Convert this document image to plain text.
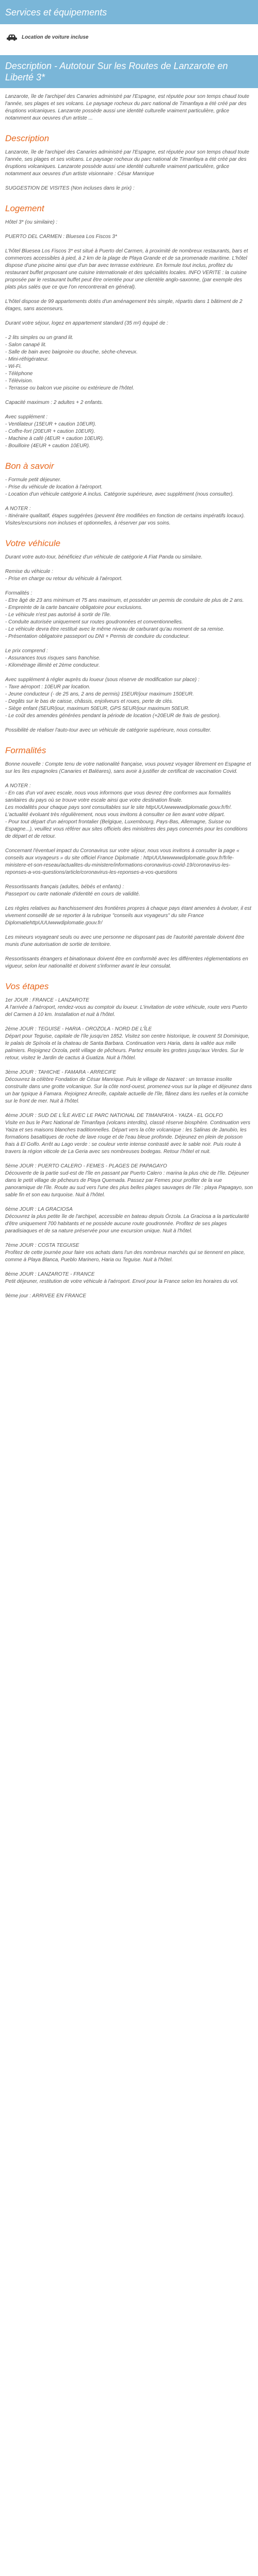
Services et équipements
Location de voiture incluse
Description - Autotour Sur les Routes de Lanzarote en Liberté 3*

Lanzarote, île de l'archipel des Canaries administré par l'Espagne, est réputée pour son temps chaud toute l'année, ses plages et ses volcans. Le paysage rocheux du parc national de Timanfaya a été créé par des éruptions volcaniques. Lanzarote possède aussi une identité culturelle vraiment particulière, grâce notamment aux oeuvres d'un artiste ...

Description

Lanzarote, île de l'archipel des Canaries administré par l'Espagne, est réputée pour son temps chaud toute l'année, ses plages et ses volcans. Le paysage rocheux du parc national de Timanfaya a été créé par des éruptions volcaniques. Lanzarote possède aussi une identité culturelle vraiment particulière, grâce notamment aux oeuvres d'un artiste visionnaire : César Manrique

SUGGESTION DE VISITES (Non incluses dans le prix) :

Logement

Hôtel 3* (ou similaire) :

PUERTO DEL CARMEN : Bluesea Los Fiscos 3*

L'hôtel Bluesea Los Fiscos 3* est situé à Puerto del Carmen, à proximité de nombreux restaurants, bars et commerces accessibles à pied, à 2 km de la plage de Playa Grande et de sa promenade maritime. L'hôtel dispose d'une piscine ainsi que d'un bar avec terrasse extérieure. En formule tout inclus, profitez du restaurant buffet proposant une cuisine internationale et des spécialités locales. INFO VERITE : la cuisine proposée par le restaurant buffet peut être orientée pour une clientèle anglo-saxonne, (par exemple des plats plus salés que ce que l'on rencontrerait en général).

L'hôtel dispose de 99 appartements dotés d'un aménagement très simple, répartis dans 1 bâtiment de 2 étages, sans ascenseurs.

Durant votre séjour, logez en appartement standard (35 m²) équipé de :

- 2 lits simples ou un grand lit.
- Salon canapé lit.
- Salle de bain avec baignoire ou douche, sèche-cheveux.
- Mini-réfrigérateur.
- Wi-Fi.
- Téléphone
- Télévision.
- Terrasse ou balcon vue piscine ou extérieure de l'hôtel.

Capacité maximum : 2 adultes + 2 enfants.

Avec supplément :
- Ventilateur (15EUR + caution 10EUR).
- Coffre-fort (20EUR + caution 10EUR).
- Machine à café (4EUR + caution 10EUR).
- Bouilloire (4EUR + caution 10EUR).

Bon à savoir

- Formule petit déjeuner.
- Prise du véhicule de location à l'aéroport.
- Location d'un véhicule catégorie A inclus. Catégorie supérieure, avec supplément (nous consulter).

A NOTER :
- Itinéraire qualitatif, étapes suggérées (peuvent être modifiées en fonction de certains impératifs locaux). Visites/excursions non incluses et optionnelles, à réserver par vos soins.

Votre véhicule

Durant votre auto-tour, bénéficiez d'un véhicule de catégorie A Fiat Panda ou similaire.

Remise du véhicule :
- Prise en charge ou retour du véhicule à l'aéroport.

Formalités :
- Etre âgé de 23 ans minimum et 75 ans maximum, et posséder un permis de conduire de plus de 2 ans.
- Empreinte de la carte bancaire obligatoire pour exclusions.
- Le véhicule n'est pas autorisé à sortir de l'île.
- Conduite autorisée uniquement sur routes goudronnées et conventionnelles.
- Le véhicule devra être restitué avec le même niveau de carburant qu'au moment de sa remise.
- Présentation obligatoire passeport ou DNI + Permis de conduire du conducteur.

Le prix comprend :
- Assurances tous risques sans franchise.
- Kilométrage illimité et 2ème conducteur.

Avec supplément à régler auprès du loueur (sous réserve de modification sur place) :
- Taxe aéroport : 10EUR par location.
- Jeune conducteur (- de 25 ans, 2 ans de permis) 15EUR/jour maximum 150EUR.
- Degâts sur le bas de caisse, châssis, enjoliveurs et roues, perte de clés.
- Siège enfant (5EUR/jour, maximum 50EUR, GPS 5EUR/jour maximum 50EUR.
- Le coût des amendes générées pendant la période de location (+20EUR de frais de gestion).

Possibilité de réaliser l'auto-tour avec un véhicule de catégorie supérieure, nous consulter.

Formalités

Bonne nouvelle : Compte tenu de votre nationalité française, vous pouvez voyager librement en Espagne et sur les îles espagnoles (Canaries et Baléares), sans avoir à justifier de certificat de vaccination Covid.

A NOTER :
- En cas d'un vol avec escale, nous vous informons que vous devrez être conformes aux formalités sanitaires du pays où se trouve votre escale ainsi que votre destination finale.
Les modalités pour chaque pays sont consultables sur le site httpUUUwwwwwdiplomatie.gouv.fr/fr/. L'actualité évoluant très régulièrement, nous vous invitons à consulter ce lien avant votre départ.
- Pour tout départ d'un aéroport frontalier (Belgique, Luxembourg, Pays-Bas, Allemagne, Suisse ou Espagne...), veuillez vous référer aux sites officiels des ministères des pays concernés pour les conditions de départ et de retour.

Concernant l'éventuel impact du Coronavirus sur votre séjour, nous vous invitons à consulter la page « conseils aux voyageurs » du site officiel France Diplomatie : httpUUUwwwwwdiplomatie.gouv.fr/fr/le-ministere-et-son-reseau/actualites-du-ministere/informations-coronavirus-covid-19/coronavirus-les-reponses-a-vos-questions/article/coronavirus-les-reponses-a-vos-questions

Ressortissants français (adultes, bébés et enfants) :
Passeport ou carte nationale d'identité en cours de validité.

Les règles relatives au franchissement des frontières propres à chaque pays étant amenées à évoluer, il est vivement conseillé de se reporter à la rubrique "conseils aux voyageurs" du site France DiplomatiehttpUUUwwwdiplomatie.gouv.fr/

Les mineurs voyageant seuls ou avec une personne ne disposant pas de l'autorité parentale doivent être munis d'une autorisation de sortie de territoire.

Ressortissants étrangers et binationaux doivent être en conformité avec les différentes réglementations en vigueur, selon leur nationalité et doivent s'informer avant le leur consulat.

Vos étapes

1er JOUR : FRANCE - LANZAROTE
A l'arrivée à l'aéroport, rendez-vous au comptoir du loueur. L'invitation de votre véhicule, route vers Puerto del Carmen à 10 km. Installation et nuit à l'hôtel.

2ème JOUR : TEGUISE - HARIA - OROZOLA - NORD DE L'ÎLE
Départ pour Teguise, capitale de l'île jusqu'en 1852. Visitez son centre historique, le couvent St Dominique, le palais de Spínola et la chateau de Santa Barbara. Continuation vers Haria, dans la vallée aux mille palmiers. Rejoignez Orzola, petit village de pêcheurs. Partez ensuite les grottes jusqu'aux Verdes. Sur le retour, visitez le Jardin de cactus à Guatiza. Nuit à l'hôtel.

3ème JOUR : TAHICHE - FAMARA - ARRECIFE
Découvrez la célèbre Fondation de César Manrique. Puis le village de Nazaret : un terrasse insolite construite dans une grotte volcanique. Sur la côte nord-ouest, promenez-vous sur la plage et déjeunez dans un bar typique à Famara. Rejoignez Arrecife, capitale actuelle de l'île, flânez dans les ruelles et la corniche sur le front de mer. Nuit à l'hôtel.

4ème JOUR : SUD DE L'ÎLE AVEC LE PARC NATIONAL DE TIMANFAYA - YAIZA - EL GOLFO
Visite en bus le Parc National de Timanfaya (volcans interdits), classé réserve biosphère. Continuation vers Yaiza et ses maisons blanches traditionnelles. Départ vers la côte volcanique : les Salinas de Janubio, les formations basaltiques de roche de lave rouge et de l'eau bleue profonde. Déjeunez en plein de poisson frais à El Golfo. Arrêt au Lago verde : se couleur verte intense contrasté avec le sable noir. Puis route à travers la région viticole de La Geria avec ses nombreuses bodegas. Retour l'hôtel et nuit.

5ème JOUR : PUERTO CALERO - FEMES - PLAGES DE PAPAGAYO
Découverte de la partie sud-est de l'île en passant par Puerto Calero : marina la plus chic de l'île. Déjeuner dans le petit village de pêcheurs de Playa Quemada. Passez par Femes pour profiter de la vue panoramique de l'île. Route au sud vers l'une des plus belles plages sauvages de l'île : playa Papagayo, son sable fin et son eau turquoise. Nuit à l'hôtel.

6ème JOUR : LA GRACIOSA
Découvrez la plus petite île de l'archipel, accessible en bateau depuis Órzola. La Graciosa a la particularité d'être uniquement 700 habitants et ne possède aucune route goudronnée. Profitez de ses plages paradisiaques et de sa nature préservée pour une excursion unique. Nuit à l'hôtel.

7ème JOUR : COSTA TEGUISE
Profitez de cette journée pour faire vos achats dans l'un des nombreux marchés qui se tiennent en place, comme à Playa Blanca, Pueblo Marinero, Haria ou Teguise. Nuit à l'hôtel.

8ème JOUR : LANZAROTE - FRANCE
Petit déjeuner, restitution de votre véhicule à l'aéroport. Envol pour la France selon les horaires du vol.

9ème jour : ARRIVEE EN FRANCE
